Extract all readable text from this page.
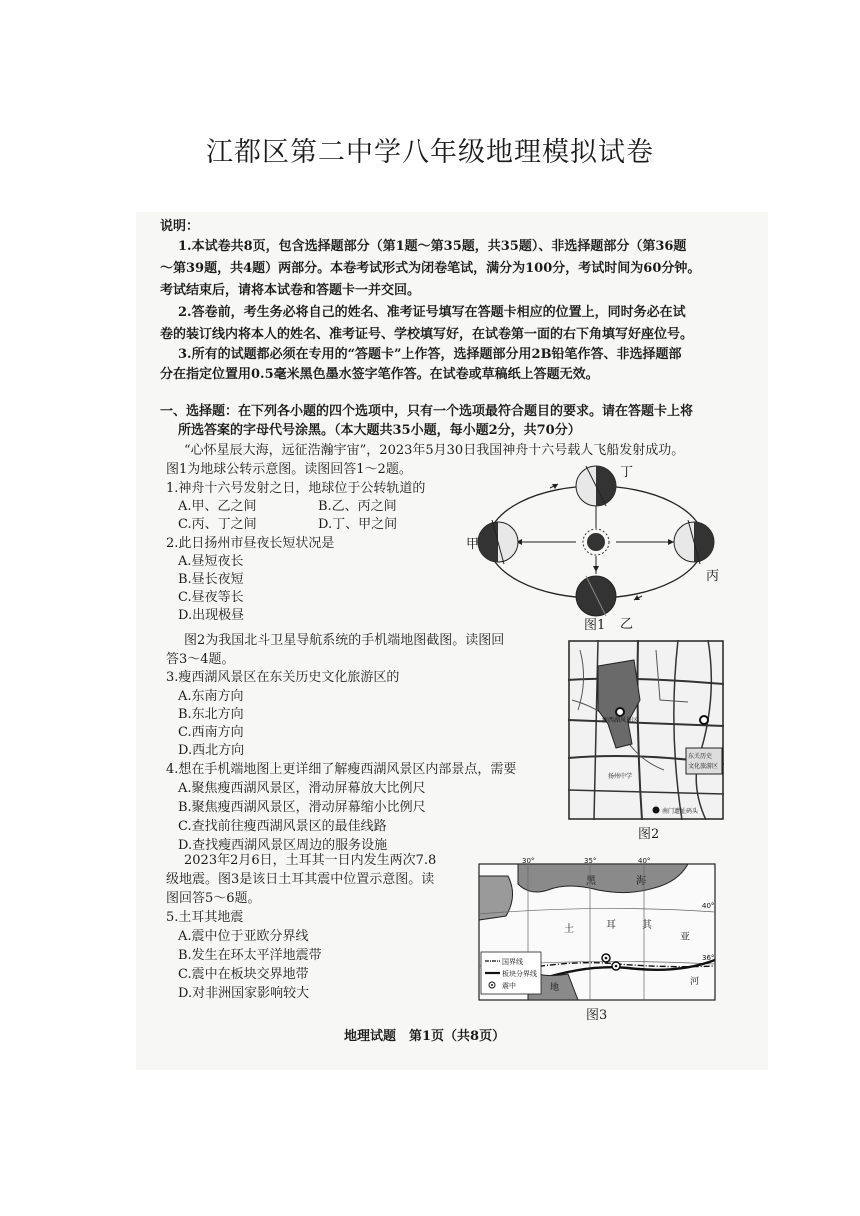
江都区第二中学八年级地理模拟试卷
说明：
1.本试卷共8页，包含选择题部分（第1题～第35题，共35题）、非选择题部分（第36题
～第39题，共4题）两部分。本卷考试形式为闭卷笔试，满分为100分，考试时间为60分钟。
考试结束后，请将本试卷和答题卡一并交回。
2.答卷前，考生务必将自己的姓名、准考证号填写在答题卡相应的位置上，同时务必在试
卷的装订线内将本人的姓名、准考证号、学校填写好，在试卷第一面的右下角填写好座位号。
3.所有的试题都必须在专用的“答题卡”上作答，选择题部分用2B铅笔作答、非选择题部
分在指定位置用0.5毫米黑色墨水签字笔作答。在试卷或草稿纸上答题无效。
一、选择题：在下列各小题的四个选项中，只有一个选项最符合题目的要求。请在答题卡上将
所选答案的字母代号涂黑。（本大题共35小题，每小题2分，共70分）
“心怀星辰大海，远征浩瀚宇宙”，2023年5月30日我国神舟十六号载人飞船发射成功。
图1为地球公转示意图。读图回答1～2题。
1.神舟十六号发射之日，地球位于公转轨道的
A.甲、乙之间	B.乙、丙之间
C.丙、丁之间	D.丁、甲之间
2.此日扬州市昼夜长短状况是
A.昼短夜长
B.昼长夜短
C.昼夜等长
D.出现极昼
丁
甲
丙
乙
图1
图2为我国北斗卫星导航系统的手机端地图截图。读图回
答3～4题。
3.瘦西湖风景区在东关历史文化旅游区的
A.东南方向
B.东北方向
C.西南方向
D.西北方向
4.想在手机端地图上更详细了解瘦西湖风景区内部景点，需要
A.聚焦瘦西湖风景区，滑动屏幕放大比例尺
B.聚焦瘦西湖风景区，滑动屏幕缩小比例尺
C.查找前往瘦西湖风景区的最佳线路
D.查找瘦西湖风景区周边的服务设施
瘦西湖风景区
东关历史
文化旅游区
扬州中学
南门遗址码头
图2
2023年2月6日，土耳其一日内发生两次7.8
级地震。图3是该日土耳其震中位置示意图。读
图回答5～6题。
5.土耳其地震
A.震中位于亚欧分界线
B.发生在环太平洋地震带
C.震中在板块交界地带
D.对非洲国家影响较大
黑	海
30°	35°	40°
40°
36°
地
土	耳	其
亚
河
国界线
板块分界线
震中
图3
地理试题　第1页（共8页）
